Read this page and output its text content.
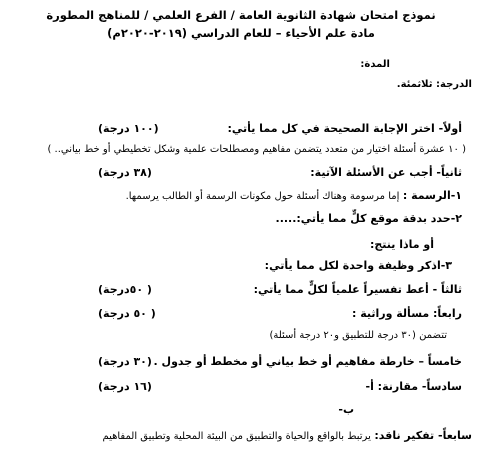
نموذج امتحان شهادة الثانوية العامة / الفرع العلمي / للمناهج المطورة
مادة علم الأحياء – للعام الدراسي (٢٠١٩-٢٠٢٠م)
المدة:
الدرجة: ثلاثمئة.
أولاً- اختر الإجابة الصحيحة في كل مما يأتي:
(١٠٠ درجة)
( ١٠ عشرة أسئلة اختيار من متعدد يتضمن مفاهيم ومصطلحات علمية وشكل تخطيطي أو خط بياني.. )
ثانياً- أجب عن الأسئلة الآتية:
(٣٨ درجة)
١-الرسمة : إما مرسومة وهناك أسئلة حول مكونات الرسمة أو الطالب يرسمها.
٢-حدد بدقة موقع كلٍّ مما يأتي:.....
أو ماذا ينتج:
٣-اذكر وظيفة واحدة لكل مما يأتي:
ثالثاً - أعط تفسيراً علمياً لكلٍّ مما يأتي:
( ٥٠درجة)
رابعاً: مسألة وراثية :
( ٥٠ درجة)
تتضمن (٣٠ درجة للتطبيق و٢٠ درجة أسئلة)
خامساً – خارطة مفاهيم أو خط بياني أو مخطط أو جدول .
(٣٠ درجة)
سادساً- مقارنة: أ-
(١٦ درجة)
ب-
سابعاً- تفكير ناقد: يرتبط بالواقع والحياة والتطبيق من البيئة المحلية وتطبيق المفاهيم
